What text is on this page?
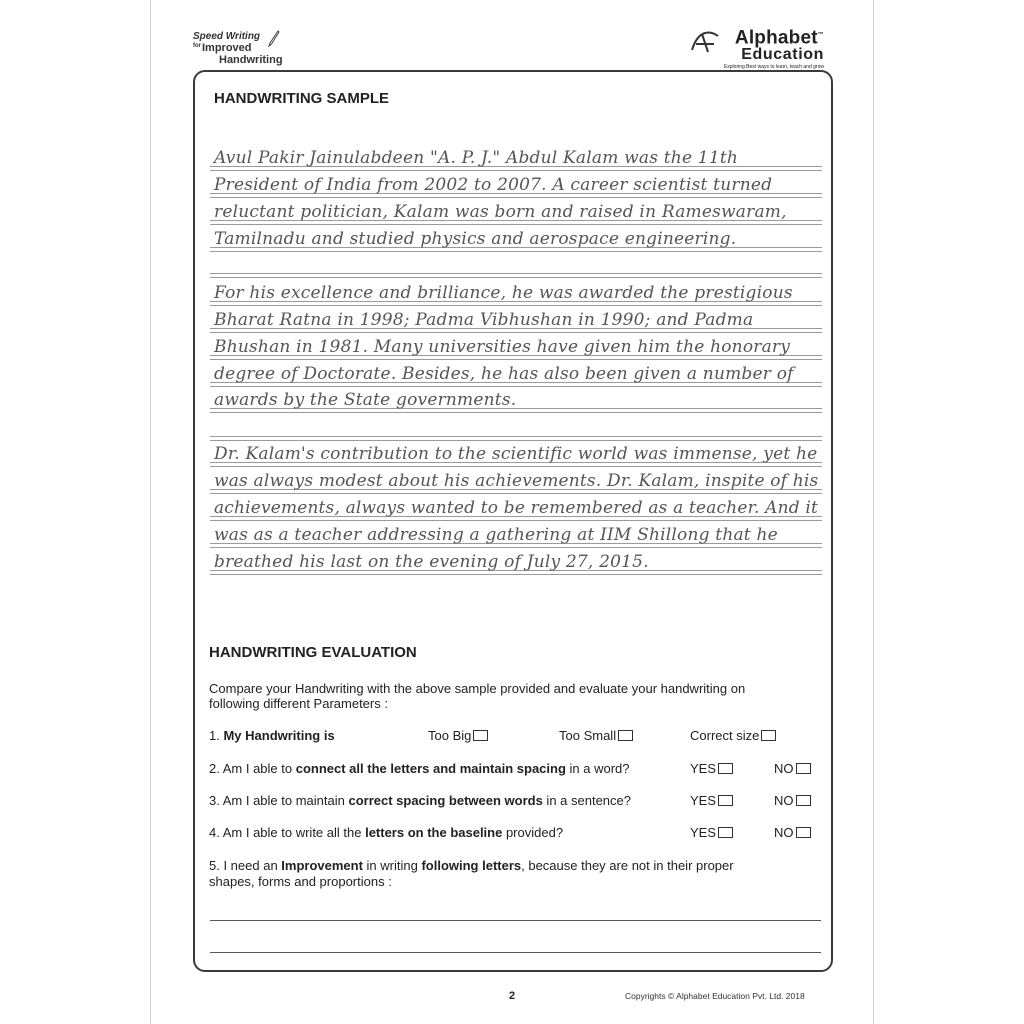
Speed Writing
$^{for}$Improved
Handwriting
Alphabet™
Education
Exploring Best ways to learn, teach and grow
HANDWRITING SAMPLE
Avul Pakir Jainulabdeen "A. P. J." Abdul Kalam was the 11th
President of India from 2002 to 2007. A career scientist turned
reluctant politician, Kalam was born and raised in Rameswaram,
Tamilnadu and studied physics and aerospace engineering.
For his excellence and brilliance, he was awarded the prestigious
Bharat Ratna in 1998; Padma Vibhushan in 1990; and Padma
Bhushan in 1981. Many universities have given him the honorary
degree of Doctorate. Besides, he has also been given a number of
awards by the State governments.
Dr. Kalam's contribution to the scientific world was immense, yet he
was always modest about his achievements. Dr. Kalam, inspite of his
achievements, always wanted to be remembered as a teacher. And it
was as a teacher addressing a gathering at IIM Shillong that he
breathed his last on the evening of July 27, 2015.
HANDWRITING EVALUATION
Compare your Handwriting with the above sample provided and evaluate your handwriting on
following different Parameters :
1. My Handwriting is	Too Big	Too Small	Correct size
2. Am I able to connect all the letters and maintain spacing in a word?	YES	NO
3. Am I able to maintain correct spacing between words in a sentence?	YES	NO
4. Am I able to write all the letters on the baseline provided?	YES	NO
5. I need an Improvement in writing following letters, because they are not in their proper
shapes, forms and proportions :
2	Copyrights © Alphabet Education Pvt. Ltd. 2018
